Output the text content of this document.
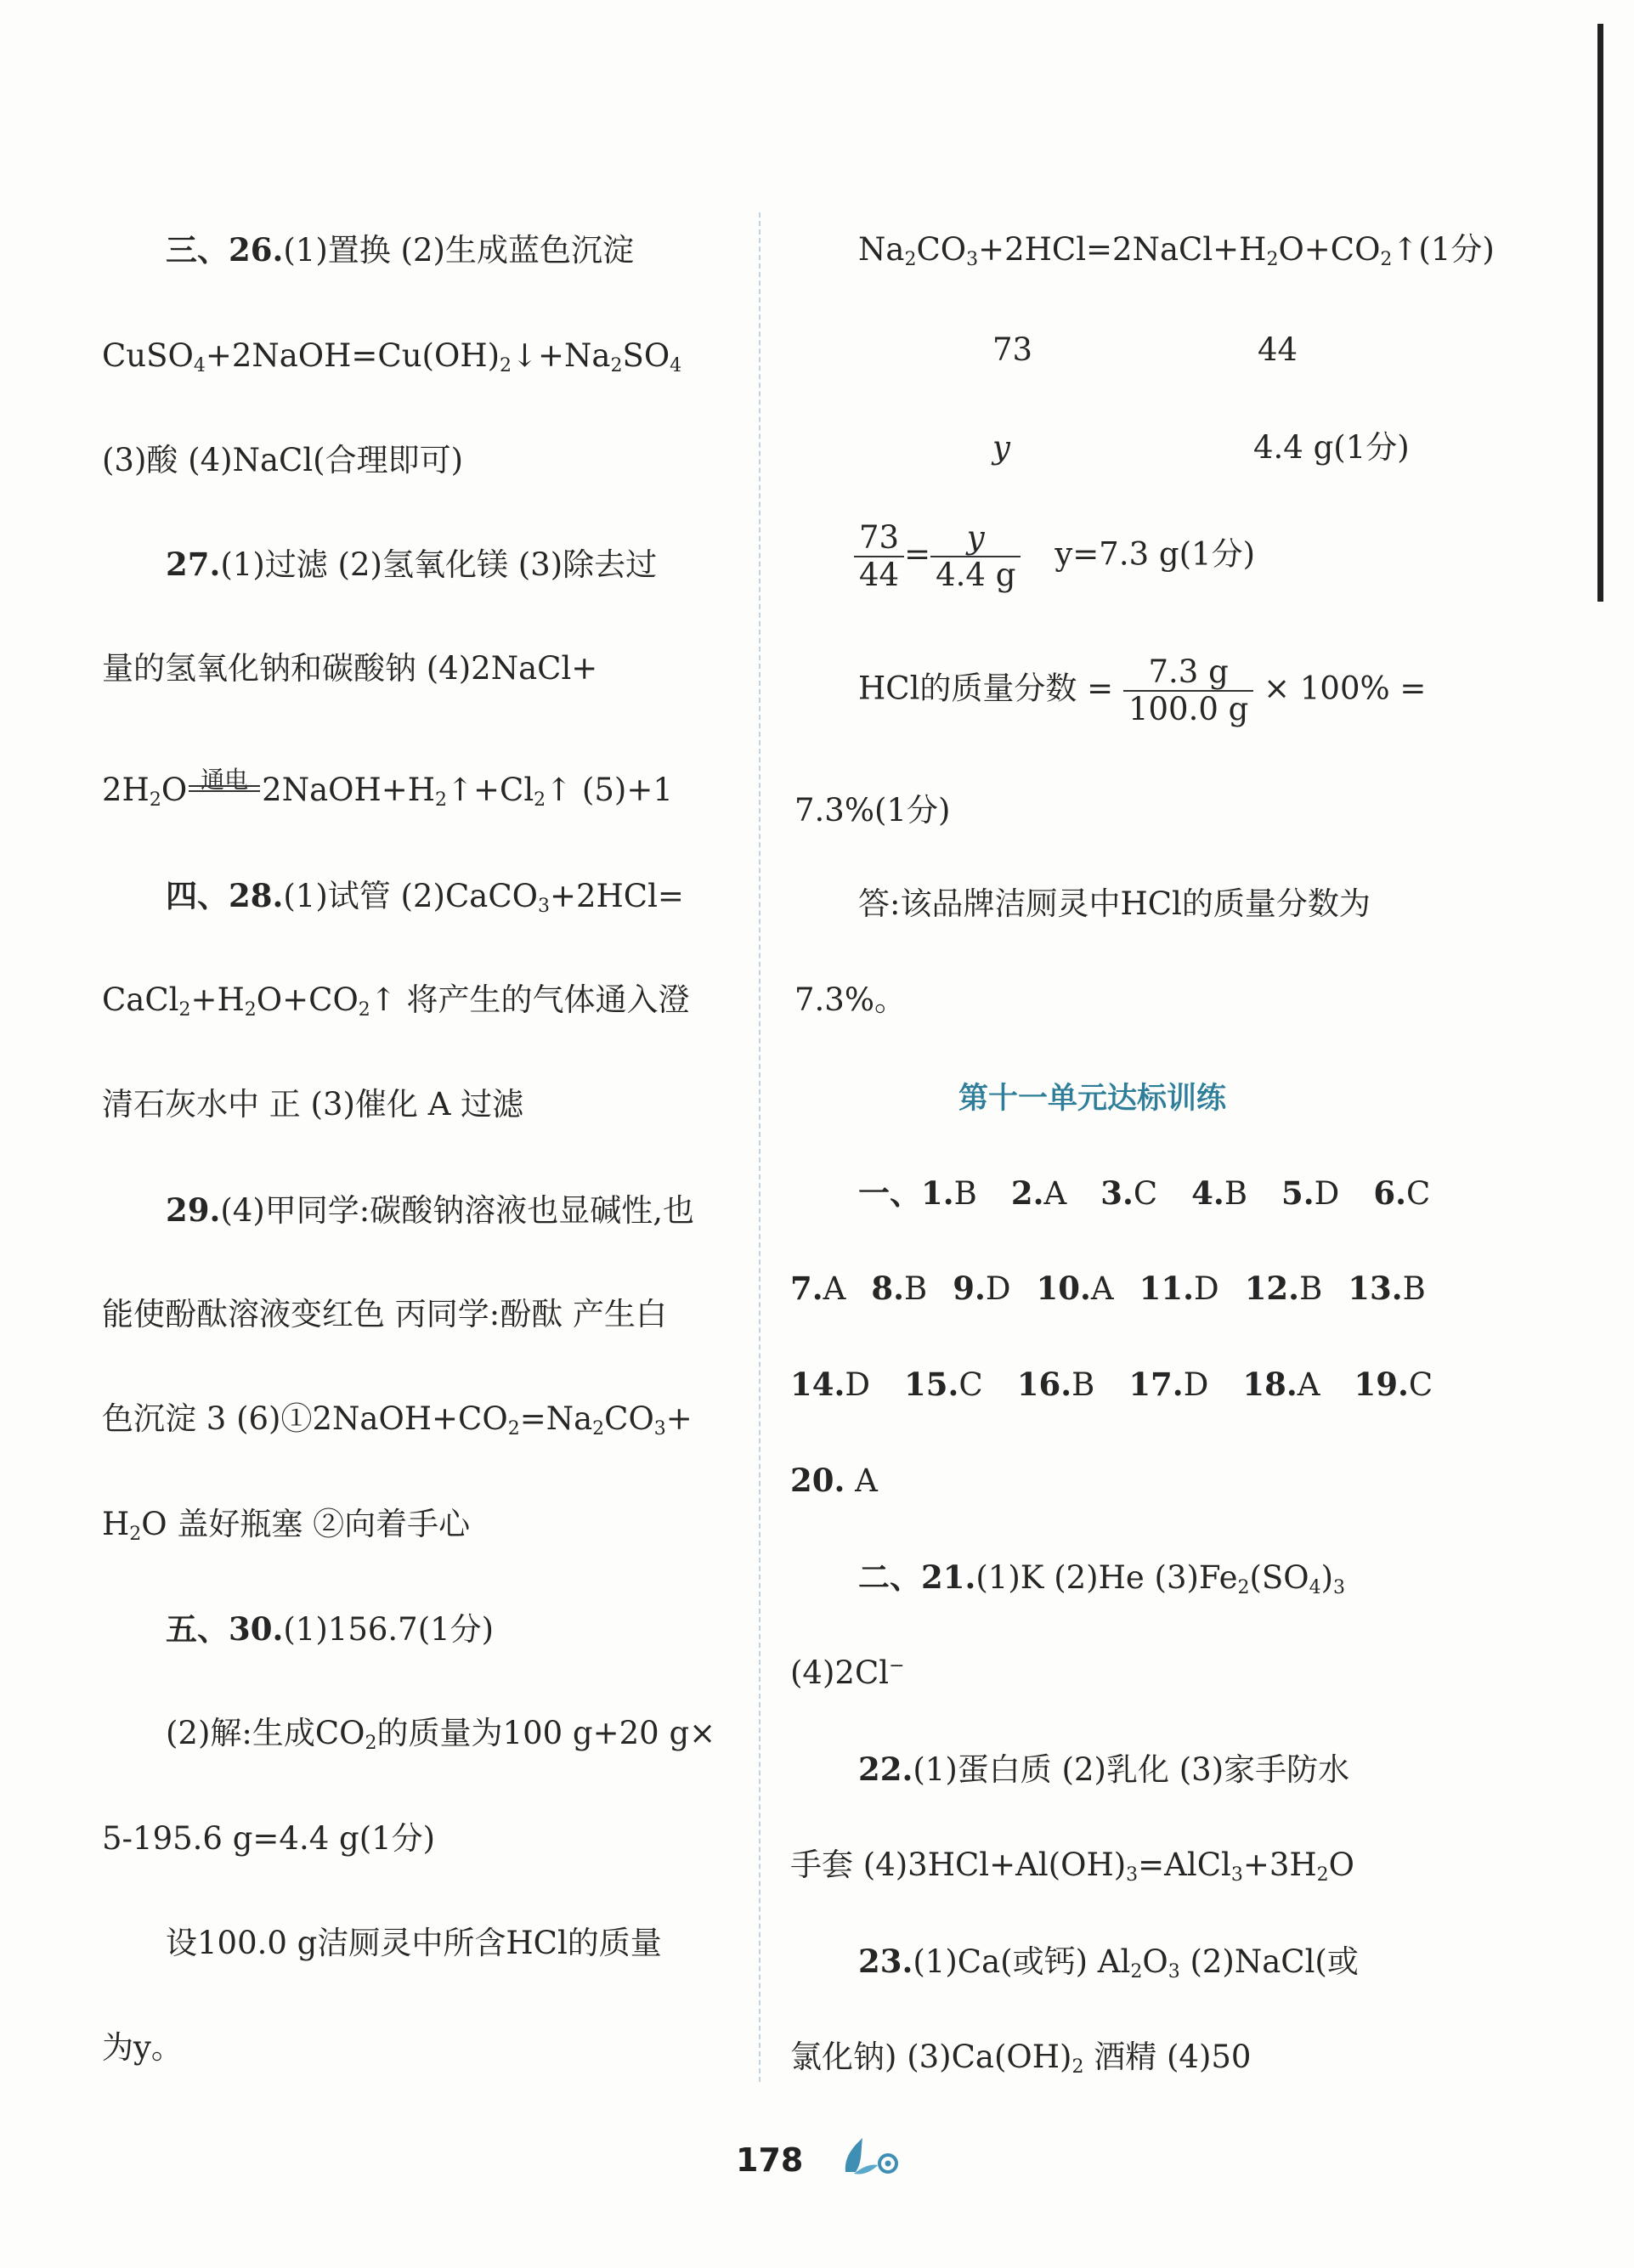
三、26.(1)置换 (2)生成蓝色沉淀
$CuSO_4+2NaOH=Cu(OH)_2↓+Na_2SO_4$
(3)酸 (4)NaCl(合理即可)
27.(1)过滤 (2)氢氧化镁 (3)除去过
量的氢氧化钠和碳酸钠 (4)2NaCl+
$2H_2O$ 通电 $2NaOH+H_2↑+Cl_2↑$ (5)+1
四、28.(1)试管 (2)CaCO$_3$+2HCl=
$CaCl_2+H_2O+CO_2↑$ 将产生的气体通入澄
清石灰水中 正 (3)催化 A 过滤
29.(4)甲同学:碳酸钠溶液也显碱性,也
能使酚酞溶液变红色 丙同学:酚酞 产生白
色沉淀 3 $(6)①2NaOH+CO_2=Na_2CO_3+$
$H_2O$ 盖好瓶塞 ②向着手心
五、30.(1)156.7(1分)
(2)解:生成$CO_2$的质量为100 g+20 g×
5-195.6 g=4.4 g(1分)
设100.0 g洁厕灵中所含HCl的质量
为y。
$Na_2CO_3+2HCl=2NaCl+H_2O+CO_2↑(1$分)
73	44
y	4.4 g(1分)
$\frac{73}{44} = \frac{y}{4.4 g} y=7.3$ g(1分)
HCl的质量分数 = $\frac{7.3 g}{100.0 g} \times 100\%$ =
7.3%(1分)
答:该品牌洁厕灵中HCl的质量分数为
7.3%。
第十一单元达标训练
一、1.B 2.A 3.C 4.B 5.D 6.C
7.A 8.B 9.D 10.A 11.D 12.B 13.B
14.D 15.C 16.B 17.D 18.A 19.C
20. A
二、21.(1)K (2)He $(3)Fe_2(SO_4)_3$
(4)2Cl−
22.(1)蛋白质 (2)乳化 (3)家手防水
手套 $(4)3HCl+Al(OH)_3=AlCl_3+3H_2O$
23.(1)Ca(或钙) $Al_2O_3$ (2)NaCl(或
氯化钠) $(3)Ca(OH)_2$ 酒精 (4)50
178
